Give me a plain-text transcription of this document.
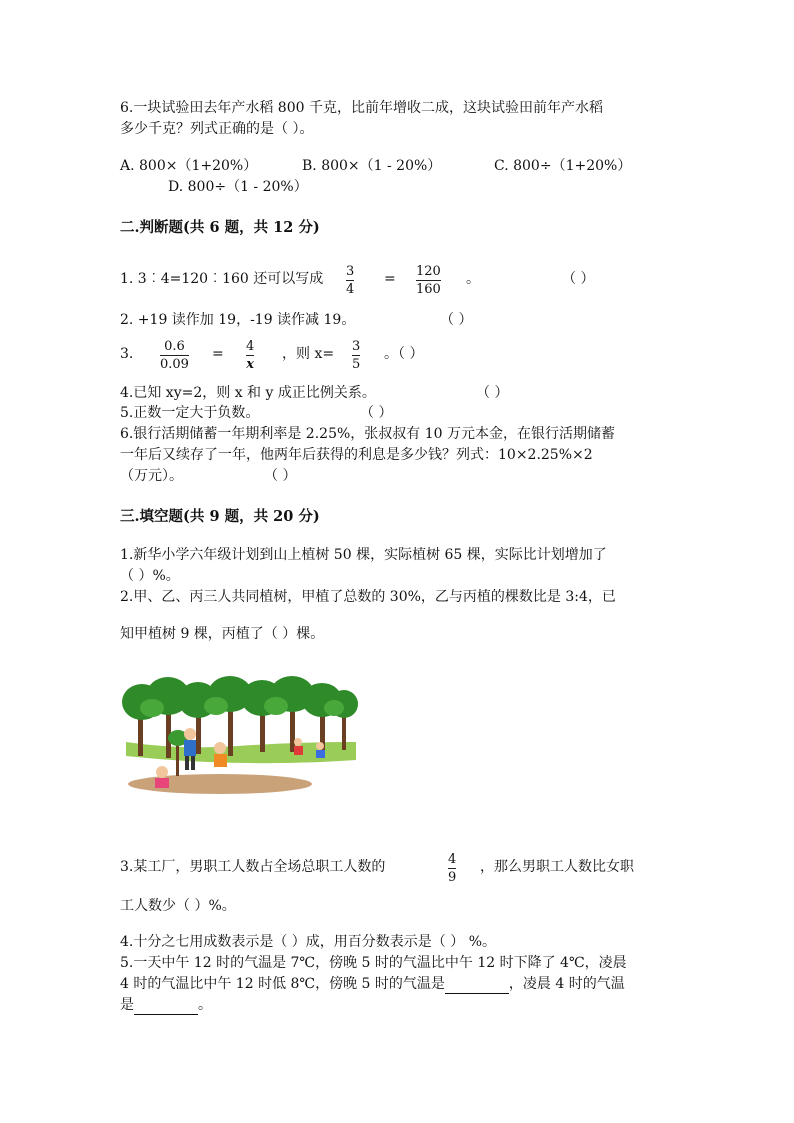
6.一块试验田去年产水稻 800 千克，比前年增收二成，这块试验田前年产水稻
多少千克？列式正确的是（ ）。
A. 800×（1+20%）	B. 800×（1 - 20%）	C. 800÷（1+20%）
D. 800÷（1 - 20%）
二.判断题(共 6 题，共 12 分)
1. 3︰4=120︰160 还可以写成 3
4
= 120
160
。	（ ）
2. +19 读作加 19，-19 读作减 19。	（ ）
3. 0.6
0.09
= 4
x
，则 x= 3
5
。（ ）
4.已知 xy=2，则 x 和 y 成正比例关系。	（ ）
5.正数一定大于负数。	（ ）
6.银行活期储蓄一年期利率是 2.25%，张叔叔有 10 万元本金，在银行活期储蓄
一年后又续存了一年，他两年后获得的利息是多少钱？列式：10×2.25%×2
（万元）。	（ ）
三.填空题(共 9 题，共 20 分)
1.新华小学六年级计划到山上植树 50 棵，实际植树 65 棵，实际比计划增加了
（ ）%。
2.甲、乙、丙三人共同植树，甲植了总数的 30%，乙与丙植的棵数比是 3:4，已
知甲植树 9 棵，丙植了（ ）棵。
3.某工厂，男职工人数占全场总职工人数的	4
9
，那么男职工人数比女职
工人数少（ ）%。
4.十分之七用成数表示是（ ）成，用百分数表示是（ ） %。
5.一天中午 12 时的气温是 7℃，傍晚 5 时的气温比中午 12 时下降了 4℃，凌晨
4 时的气温比中午 12 时低 8℃，傍晚 5 时的气温是	，凌晨 4 时的气温
是	。
